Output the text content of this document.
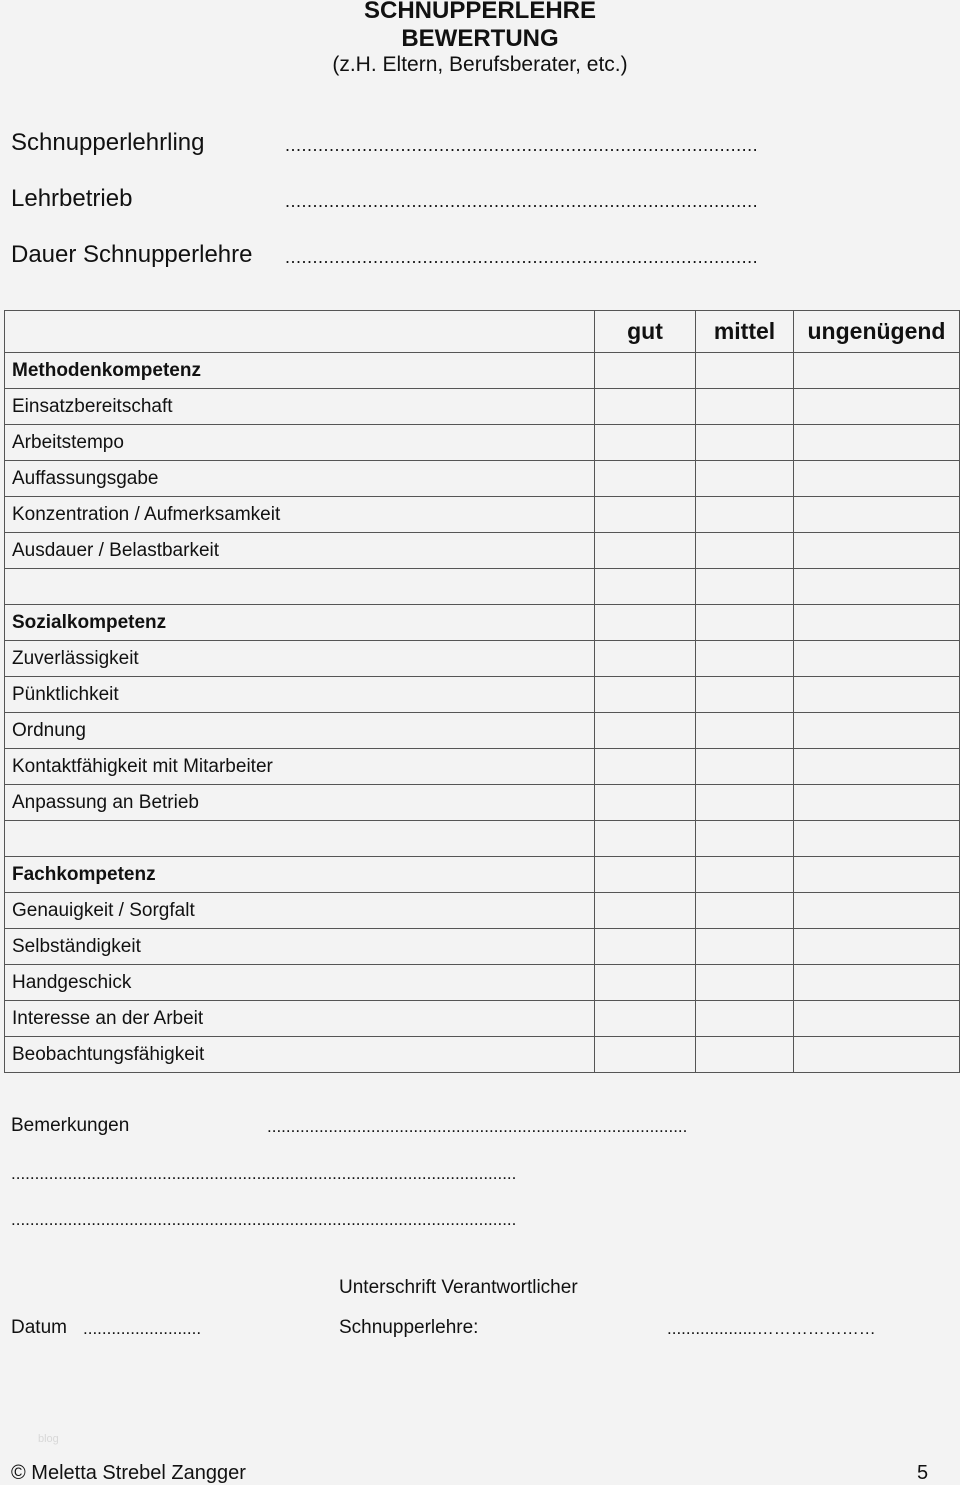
SCHNUPPERLEHRE
BEWERTUNG
(z.H. Eltern, Berufsberater, etc.)
Schnupperlehrling	......................................................................................
Lehrbetrieb	......................................................................................
Dauer Schnupperlehre ......................................................................................
	gut	mittel	ungenügend
Methodenkompetenz			
Einsatzbereitschaft			
Arbeitstempo			
Auffassungsgabe			
Konzentration / Aufmerksamkeit			
Ausdauer / Belastbarkeit			

Sozialkompetenz			
Zuverlässigkeit			
Pünktlichkeit			
Ordnung			
Kontaktfähigkeit mit Mitarbeiter			
Anpassung an Betrieb			

Fachkompetenz			
Genauigkeit / Sorgfalt			
Selbständigkeit			
Handgeschick			
Interesse an der Arbeit			
Beobachtungsfähigkeit			
Bemerkungen	.........................................................................................
...........................................................................................................
...........................................................................................................
Unterschrift Verantwortlicher
Datum .........................	Schnupperlehre:	...................…………………
blog
© Meletta Strebel Zangger	5
